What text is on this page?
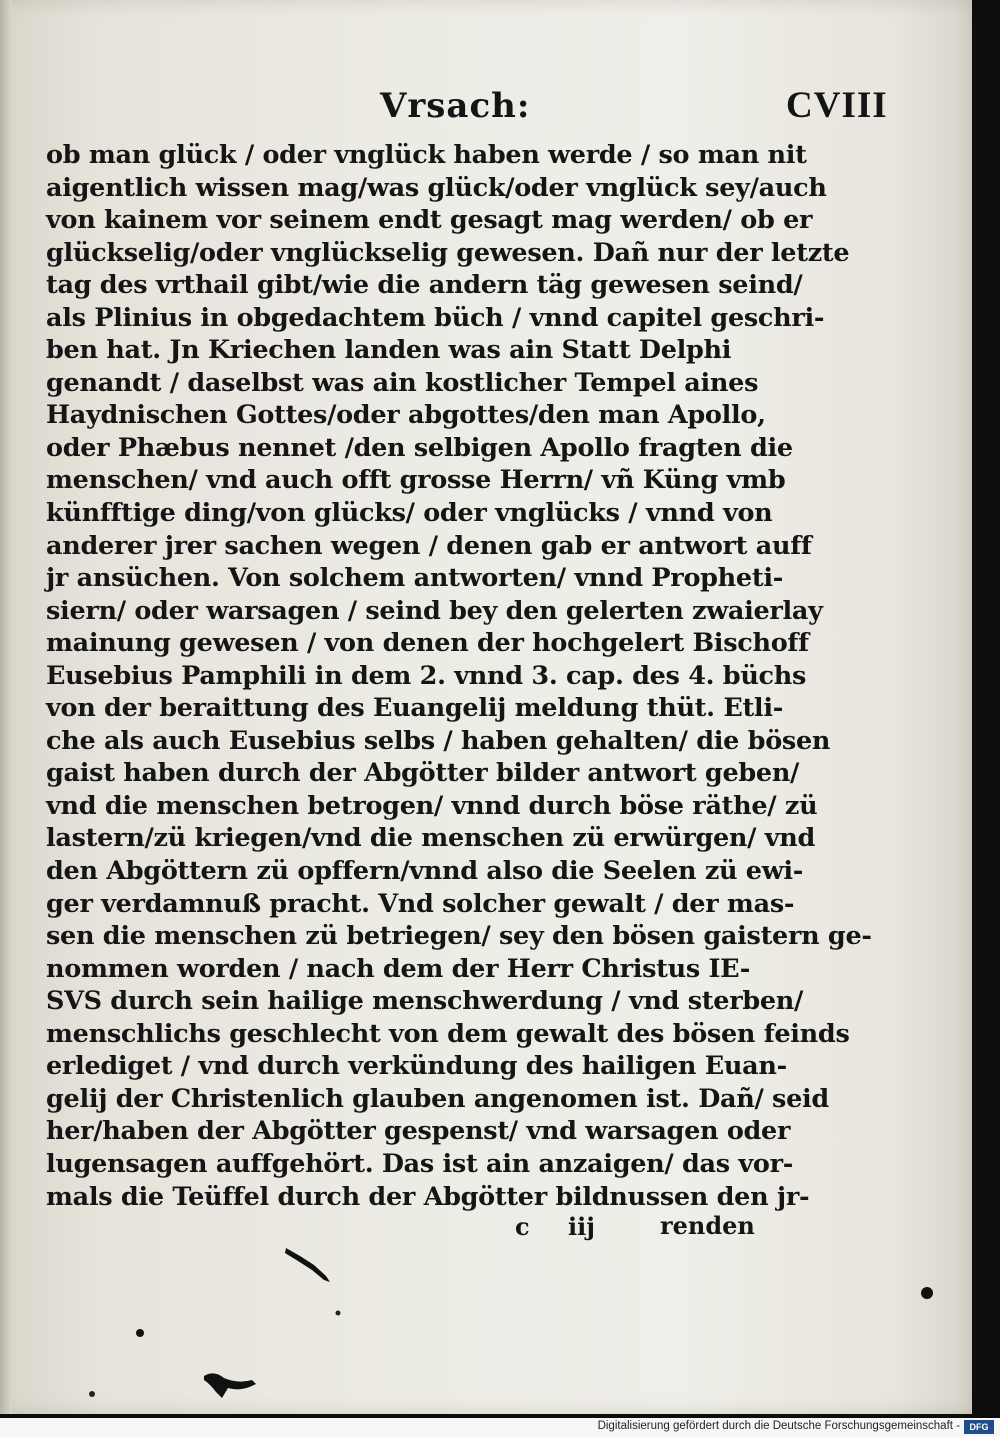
Vrsach:	CVIII
ob man glück / oder vnglück haben werde / so man nit
aigentlich wissen mag/was glück/oder vnglück sey/auch
von kainem vor seinem endt gesagt mag werden/ ob er
glückselig/oder vnglückselig gewesen. Dañ nur der letzte
tag des vrthail gibt/wie die andern täg gewesen seind/
als Plinius in obgedachtem büch / vnnd capitel geschri-
ben hat. Jn Kriechen landen was ain Statt Delphi
genandt / daselbst was ain kostlicher Tempel aines
Haydnischen Gottes/oder abgottes/den man Apollo,
oder Phæbus nennet /den selbigen Apollo fragten die
menschen/ vnd auch offt grosse Herrn/ vñ Küng vmb
künfftige ding/von glücks/ oder vnglücks / vnnd von
anderer jrer sachen wegen / denen gab er antwort auff
jr ansüchen. Von solchem antworten/ vnnd Propheti-
siern/ oder warsagen / seind bey den gelerten zwaierlay
mainung gewesen / von denen der hochgelert Bischoff
Eusebius Pamphili in dem 2. vnnd 3. cap. des 4. büchs
von der beraittung des Euangelij meldung thüt. Etli-
che als auch Eusebius selbs / haben gehalten/ die bösen
gaist haben durch der Abgötter bilder antwort geben/
vnd die menschen betrogen/ vnnd durch böse räthe/ zü
lastern/zü kriegen/vnd die menschen zü erwürgen/ vnd
den Abgöttern zü opffern/vnnd also die Seelen zü ewi-
ger verdamnuß pracht. Vnd solcher gewalt / der mas-
sen die menschen zü betriegen/ sey den bösen gaistern ge-
nommen worden / nach dem der Herr Christus IE-
SVS durch sein hailige menschwerdung / vnd sterben/
menschlichs geschlecht von dem gewalt des bösen feinds
erlediget / vnd durch verkündung des hailigen Euan-
gelij der Christenlich glauben angenomen ist. Dañ/ seid
her/haben der Abgötter gespenst/ vnd warsagen oder
lugensagen auffgehört. Das ist ain anzaigen/ das vor-
mals die Teüffel durch der Abgötter bildnussen den jr-
c iij	renden
Digitalisierung gefördert durch die Deutsche Forschungsgemeinschaft -	DFG
